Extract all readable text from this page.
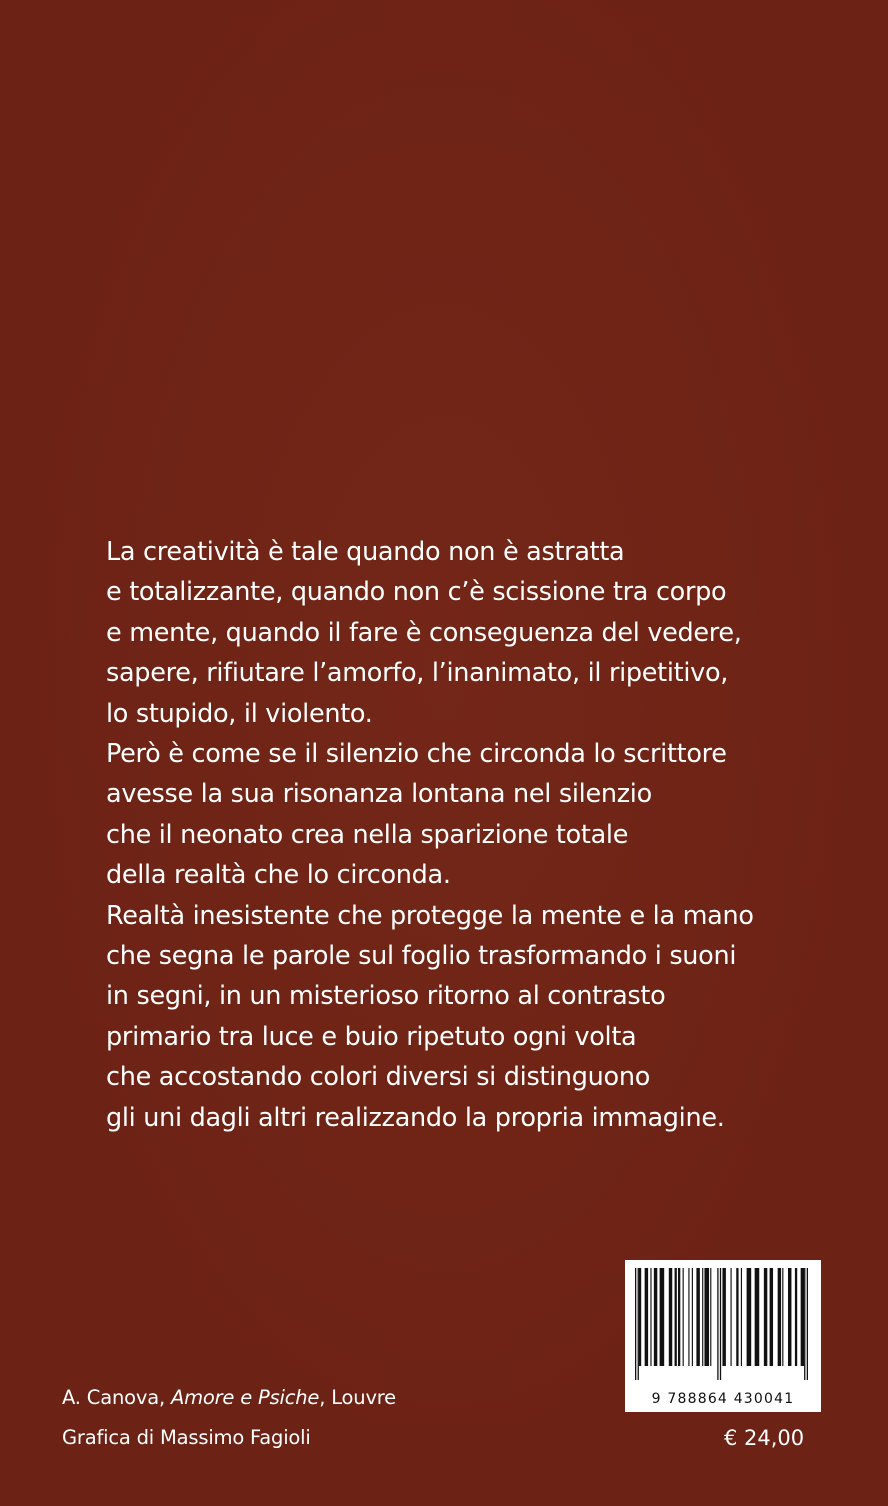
La creatività è tale quando non è astratta
e totalizzante, quando non c’è scissione tra corpo
e mente, quando il fare è conseguenza del vedere,
sapere, rifiutare l’amorfo, l’inanimato, il ripetitivo,
lo stupido, il violento.
Però è come se il silenzio che circonda lo scrittore
avesse la sua risonanza lontana nel silenzio
che il neonato crea nella sparizione totale
della realtà che lo circonda.
Realtà inesistente che protegge la mente e la mano
che segna le parole sul foglio trasformando i suoni
in segni, in un misterioso ritorno al contrasto
primario tra luce e buio ripetuto ogni volta
che accostando colori diversi si distinguono
gli uni dagli altri realizzando la propria immagine.
9 788864 430041
A. Canova, Amore e Psiche, Louvre
Grafica di Massimo Fagioli	€ 24,00
